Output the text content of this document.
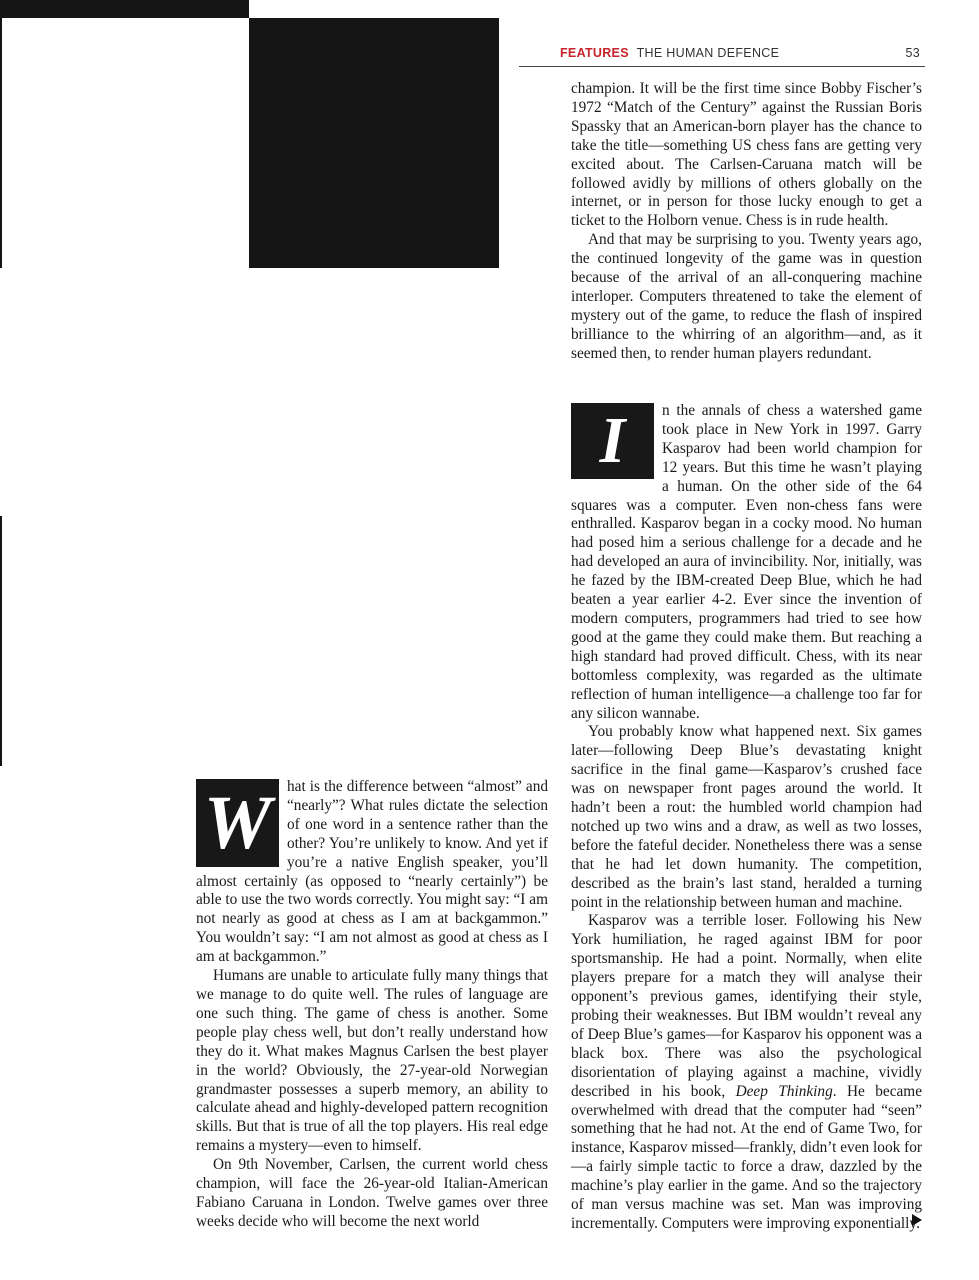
FEATURES THE HUMAN DEFENCE	53

champion. It will be the first time since Bobby Fischer’s 1972 “Match of the Century” against the Russian Boris Spassky that an American-born player has the chance to take the title—something US chess fans are getting very excited about. The Carlsen-Caruana match will be followed avidly by millions of others globally on the internet, or in person for those lucky enough to get a ticket to the Holborn venue. Chess is in rude health.

And that may be surprising to you. Twenty years ago, the continued longevity of the game was in question because of the arrival of an all-conquering machine interloper. Computers threatened to take the element of mystery out of the game, to reduce the flash of inspired brilliance to the whirring of an algorithm—and, as it seemed then, to render human players redundant.

I	n the annals of chess a watershed game took place in New York in 1997. Garry Kasparov had been world champion for 12 years. But this time he wasn’t playing a human. On the other side of the 64 squares was a computer. Even non-chess fans were enthralled. Kasparov began in a cocky mood. No human had posed him a serious challenge for a decade and he had developed an aura of invincibility. Nor, initially, was he fazed by the IBM-created Deep Blue, which he had beaten a year earlier 4-2. Ever since the invention of modern computers, programmers had tried to see how good at the game they could make them. But reaching a high standard had proved difficult. Chess, with its near bottomless complexity, was regarded as the ultimate reflection of human intelligence—a challenge too far for any silicon wannabe.

You probably know what happened next. Six games later—following Deep Blue’s devastating knight sacrifice in the final game—Kasparov’s crushed face was on newspaper front pages around the world. It hadn’t been a rout: the humbled world champion had notched up two wins and a draw, as well as two losses, before the fateful decider. Nonetheless there was a sense that he had let down humanity. The competition, described as the brain’s last stand, heralded a turning point in the relationship between human and machine.

Kasparov was a terrible loser. Following his New York humiliation, he raged against IBM for poor sportsmanship. He had a point. Normally, when elite players prepare for a match they will analyse their opponent’s previous games, identifying their style, probing their weaknesses. But IBM wouldn’t reveal any of Deep Blue’s games—for Kasparov his opponent was a black box. There was also the psychological disorientation of playing against a machine, vividly described in his book, Deep Thinking. He became overwhelmed with dread that the computer had “seen” something that he had not. At the end of Game Two, for instance, Kasparov missed—frankly, didn’t even look for—a fairly simple tactic to force a draw, dazzled by the machine’s play earlier in the game. And so the trajectory of man versus machine was set. Man was improving incrementally. Computers were improving exponentially.

W	hat is the difference between “almost” and “nearly”? What rules dictate the selection of one word in a sentence rather than the other? You’re unlikely to know. And yet if you’re a native English speaker, you’ll almost certainly (as opposed to “nearly certainly”) be able to use the two words correctly. You might say: “I am not nearly as good at chess as I am at backgammon.” You wouldn’t say: “I am not almost as good at chess as I am at backgammon.”

Humans are unable to articulate fully many things that we manage to do quite well. The rules of language are one such thing. The game of chess is another. Some people play chess well, but don’t really understand how they do it. What makes Magnus Carlsen the best player in the world? Obviously, the 27-year-old Norwegian grandmaster possesses a superb memory, an ability to calculate ahead and highly-developed pattern recognition skills. But that is true of all the top players. His real edge remains a mystery—even to himself.

On 9th November, Carlsen, the current world chess champion, will face the 26-year-old Italian-American Fabiano Caruana in London. Twelve games over three weeks decide who will become the next world
